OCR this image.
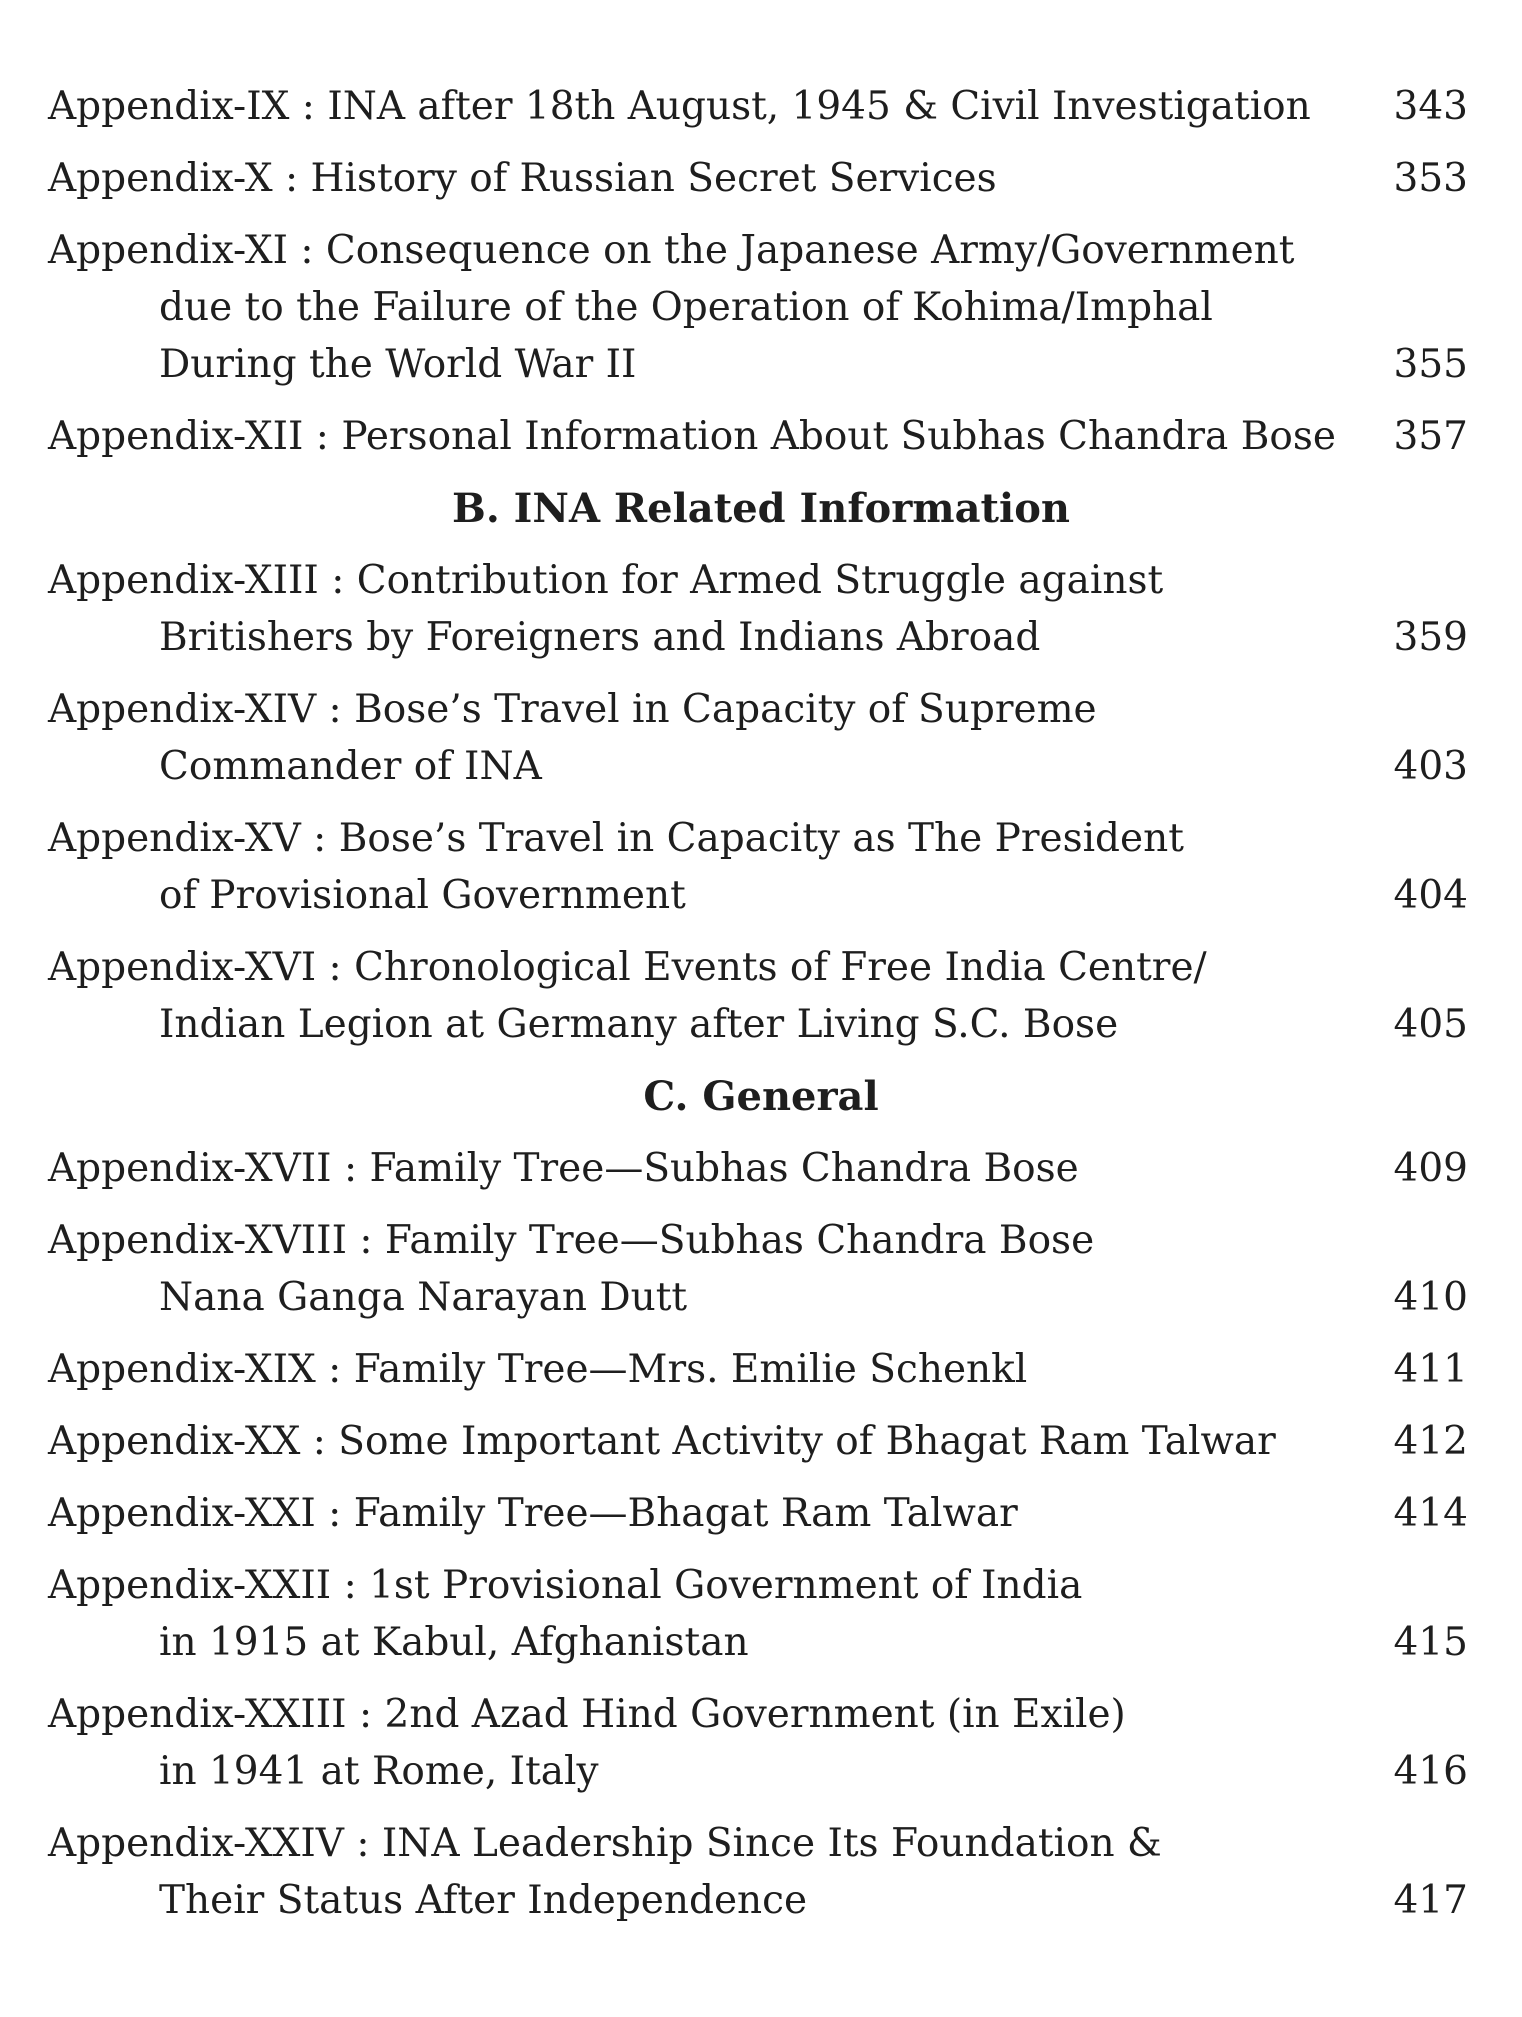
Appendix-IX : INA after 18th August, 1945 & Civil Investigation	343
Appendix-X : History of Russian Secret Services	353
Appendix-XI : Consequence on the Japanese Army/Government
due to the Failure of the Operation of Kohima/Imphal
During the World War II	355
Appendix-XII : Personal Information About Subhas Chandra Bose	357
B. INA Related Information
Appendix-XIII : Contribution for Armed Struggle against
Britishers by Foreigners and Indians Abroad	359
Appendix-XIV : Bose’s Travel in Capacity of Supreme
Commander of INA	403
Appendix-XV : Bose’s Travel in Capacity as The President
of Provisional Government	404
Appendix-XVI : Chronological Events of Free India Centre/
Indian Legion at Germany after Living S.C. Bose	405
C. General
Appendix-XVII : Family Tree—Subhas Chandra Bose	409
Appendix-XVIII : Family Tree—Subhas Chandra Bose
Nana Ganga Narayan Dutt	410
Appendix-XIX : Family Tree—Mrs. Emilie Schenkl	411
Appendix-XX : Some Important Activity of Bhagat Ram Talwar	412
Appendix-XXI : Family Tree—Bhagat Ram Talwar	414
Appendix-XXII : 1st Provisional Government of India
in 1915 at Kabul, Afghanistan	415
Appendix-XXIII : 2nd Azad Hind Government (in Exile)
in 1941 at Rome, Italy	416
Appendix-XXIV : INA Leadership Since Its Foundation &
Their Status After Independence	417
